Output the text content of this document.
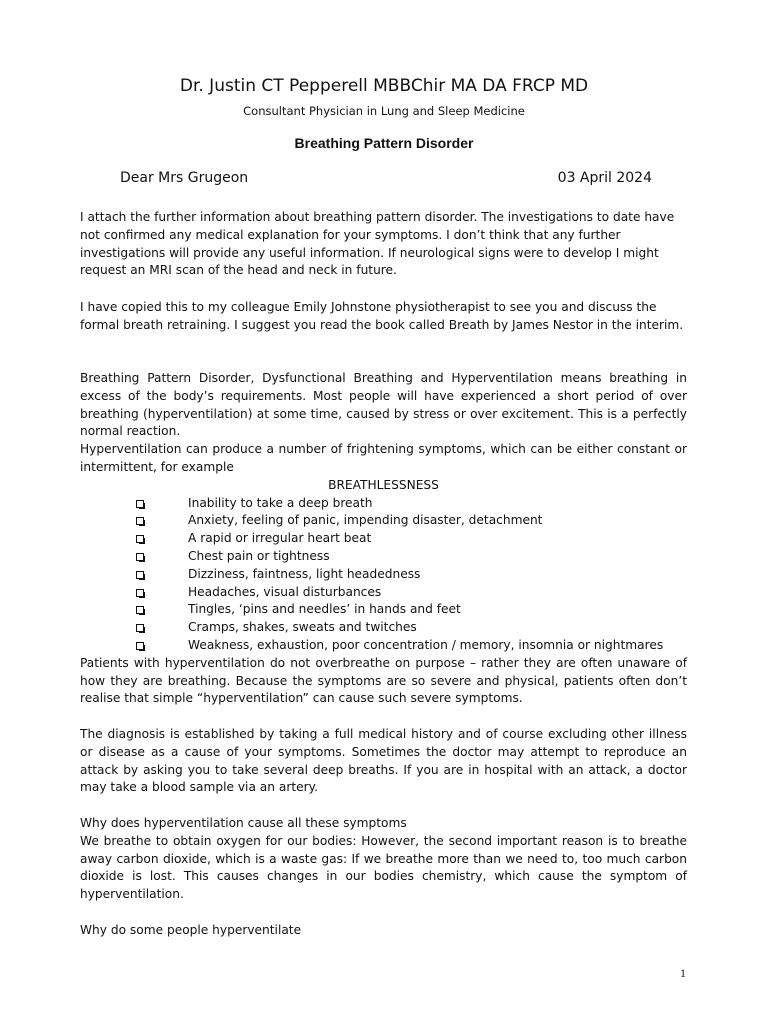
Dr. Justin CT Pepperell MBBChir MA DA FRCP MD
Consultant Physician in Lung and Sleep Medicine
Breathing Pattern Disorder
Dear Mrs Grugeon	03 April 2024

I attach the further information about breathing pattern disorder. The investigations to date have not confirmed any medical explanation for your symptoms. I don’t think that any further investigations will provide any useful information. If neurological signs were to develop I might request an MRI scan of the head and neck in future.

I have copied this to my colleague Emily Johnstone physiotherapist to see you and discuss the formal breath retraining. I suggest you read the book called Breath by James Nestor in the interim.

Breathing Pattern Disorder, Dysfunctional Breathing and Hyperventilation means breathing in excess of the body’s requirements. Most people will have experienced a short period of over breathing (hyperventilation) at some time, caused by stress or over excitement. This is a perfectly normal reaction.

Hyperventilation can produce a number of frightening symptoms, which can be either constant or intermittent, for example

BREATHLESSNESS

Inability to take a deep breath
Anxiety, feeling of panic, impending disaster, detachment
A rapid or irregular heart beat
Chest pain or tightness
Dizziness, faintness, light headedness
Headaches, visual disturbances
Tingles, ‘pins and needles’ in hands and feet
Cramps, shakes, sweats and twitches
Weakness, exhaustion, poor concentration / memory, insomnia or nightmares

Patients with hyperventilation do not overbreathe on purpose – rather they are often unaware of how they are breathing. Because the symptoms are so severe and physical, patients often don’t realise that simple “hyperventilation” can cause such severe symptoms.

The diagnosis is established by taking a full medical history and of course excluding other illness or disease as a cause of your symptoms. Sometimes the doctor may attempt to reproduce an attack by asking you to take several deep breaths. If you are in hospital with an attack, a doctor may take a blood sample via an artery.

Why does hyperventilation cause all these symptoms

We breathe to obtain oxygen for our bodies: However, the second important reason is to breathe away carbon dioxide, which is a waste gas: If we breathe more than we need to, too much carbon dioxide is lost. This causes changes in our bodies chemistry, which cause the symptom of hyperventilation.

Why do some people hyperventilate

1
